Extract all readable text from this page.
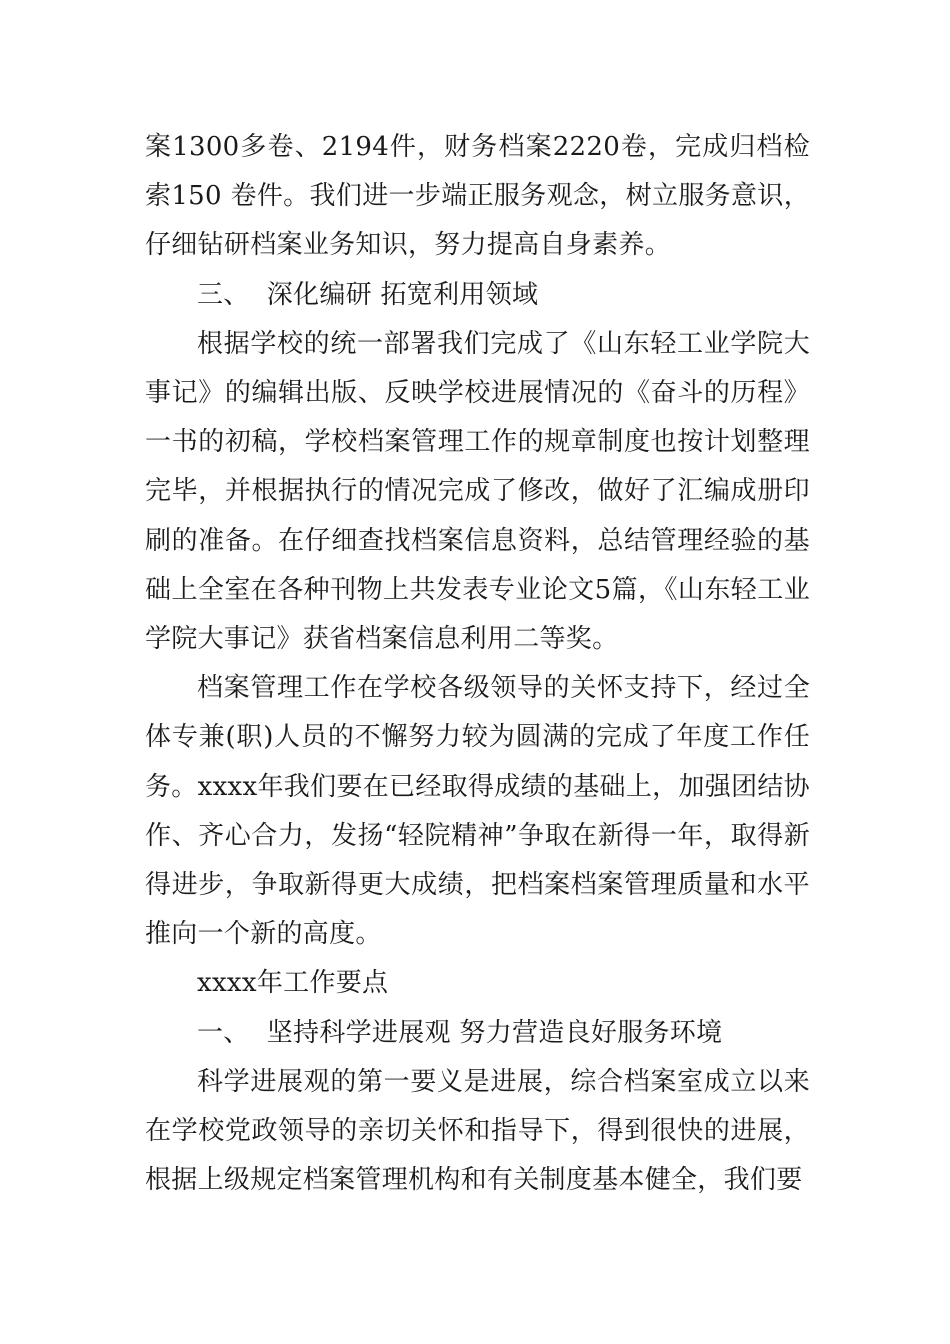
案1300多卷、2194件，财务档案2220卷，完成归档检索150 卷件。我们进一步端正服务观念，树立服务意识，仔细钻研档案业务知识，努力提高自身素养。

三、  深化编研 拓宽利用领域

根据学校的统一部署我们完成了《山东轻工业学院大事记》的编辑出版、反映学校进展情况的《奋斗的历程》一书的初稿，学校档案管理工作的规章制度也按计划整理完毕，并根据执行的情况完成了修改，做好了汇编成册印刷的准备。在仔细查找档案信息资料，总结管理经验的基础上全室在各种刊物上共发表专业论文5篇，《山东轻工业学院大事记》获省档案信息利用二等奖。

档案管理工作在学校各级领导的关怀支持下，经过全体专兼(职)人员的不懈努力较为圆满的完成了年度工作任务。xxxx年我们要在已经取得成绩的基础上，加强团结协作、齐心合力，发扬“轻院精神”争取在新得一年，取得新得进步，争取新得更大成绩，把档案档案管理质量和水平推向一个新的高度。

xxxx年工作要点

一、  坚持科学进展观 努力营造良好服务环境

科学进展观的第一要义是进展，综合档案室成立以来在学校党政领导的亲切关怀和指导下，得到很快的进展，根据上级规定档案管理机构和有关制度基本健全，我们要
